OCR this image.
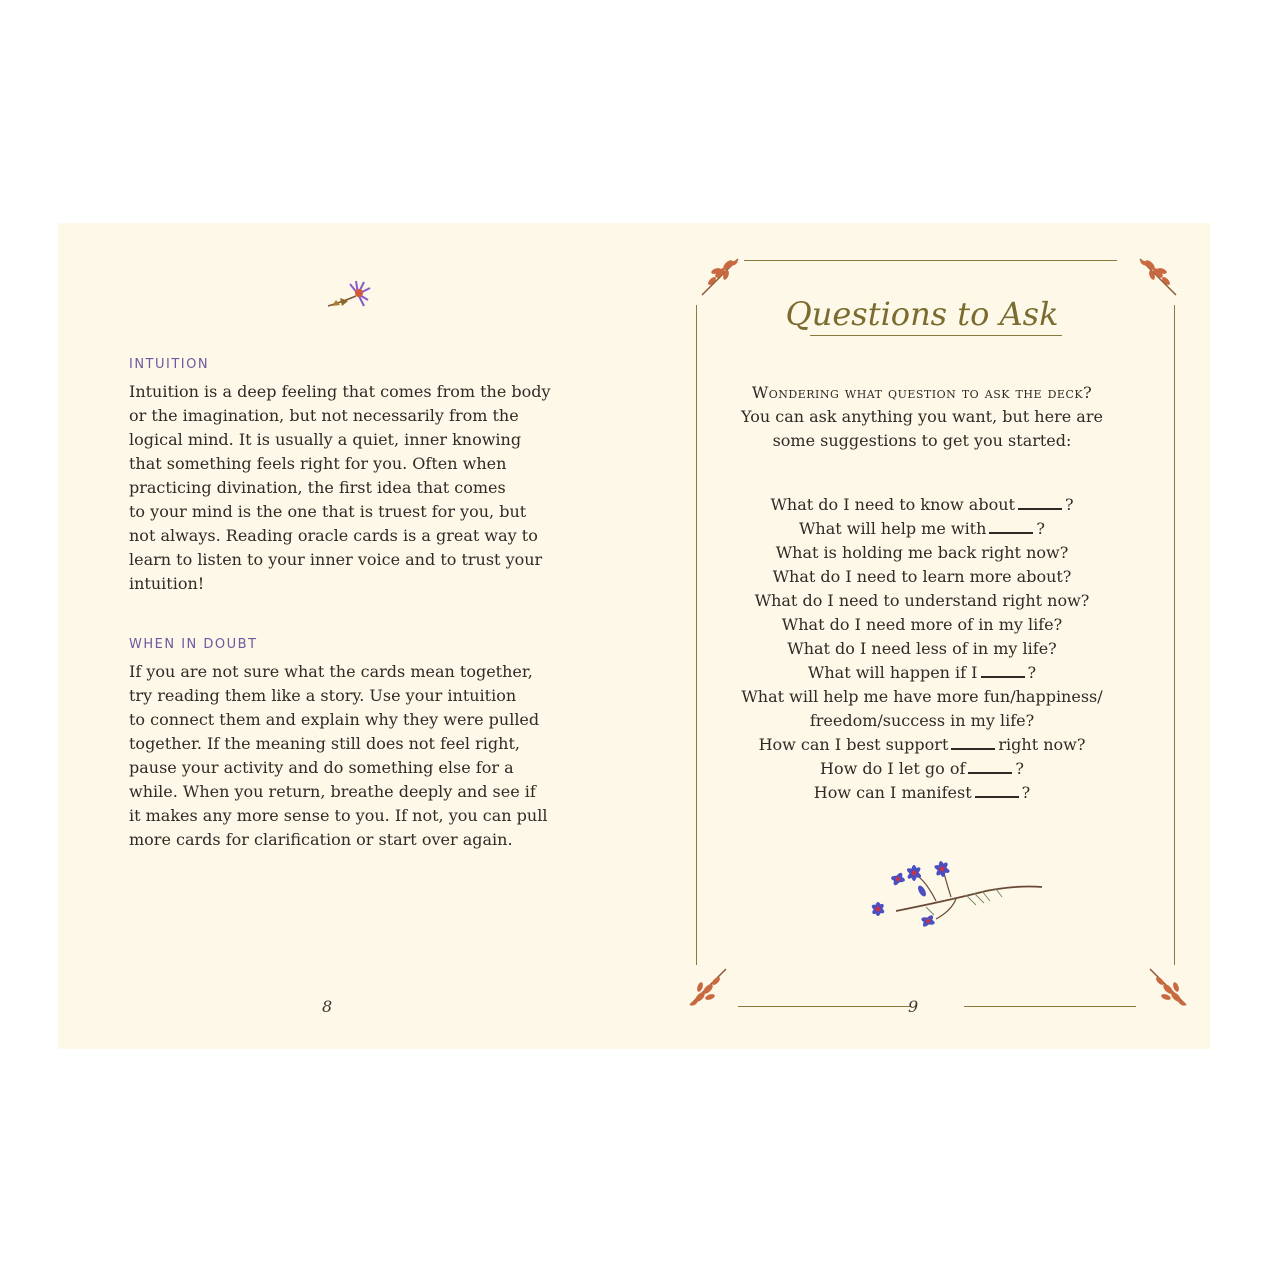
INTUITION
Intuition is a deep feeling that comes from the body
or the imagination, but not necessarily from the
logical mind. It is usually a quiet, inner knowing
that something feels right for you. Often when
practicing divination, the first idea that comes
to your mind is the one that is truest for you, but
not always. Reading oracle cards is a great way to
learn to listen to your inner voice and to trust your
intuition!
WHEN IN DOUBT
If you are not sure what the cards mean together,
try reading them like a story. Use your intuition
to connect them and explain why they were pulled
together. If the meaning still does not feel right,
pause your activity and do something else for a
while. When you return, breathe deeply and see if
it makes any more sense to you. If not, you can pull
more cards for clarification or start over again.
8
Questions to Ask
Wondering what question to ask the deck?
You can ask anything you want, but here are
some suggestions to get you started:
What do I need to know about	?
What will help me with	?
What is holding me back right now?
What do I need to learn more about?
What do I need to understand right now?
What do I need more of in my life?
What do I need less of in my life?
What will happen if I	?
What will help me have more fun/happiness/
freedom/success in my life?
How can I best support	right now?
How do I let go of	?
How can I manifest	?
9
